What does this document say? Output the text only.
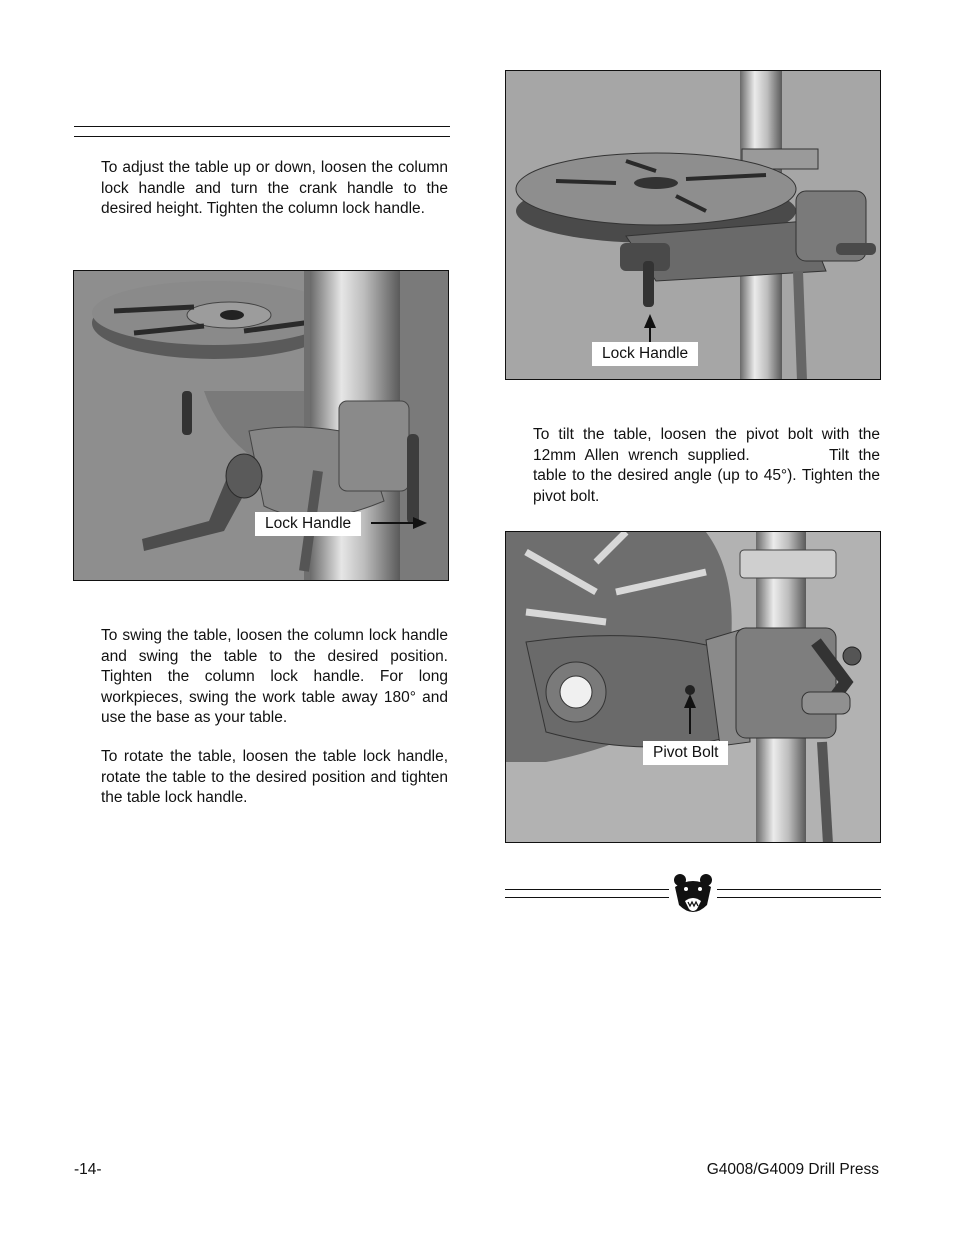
To adjust the table up or down, loosen the column lock handle and turn the crank handle to the desired height. Tighten the column lock handle.

Lock Handle

To swing the table, loosen the column lock handle and swing the table to the desired position. Tighten the column lock handle. For long workpieces, swing the work table away 180° and use the base as your table.

To rotate the table, loosen the table lock handle, rotate the table to the desired position and tighten the table lock handle.

Lock Handle

To tilt the table, loosen the pivot bolt with the 12mm Allen wrench supplied.	Tilt the table to the desired angle (up to 45°). Tighten the pivot bolt.

Pivot Bolt
-14-	G4008/G4009 Drill Press
